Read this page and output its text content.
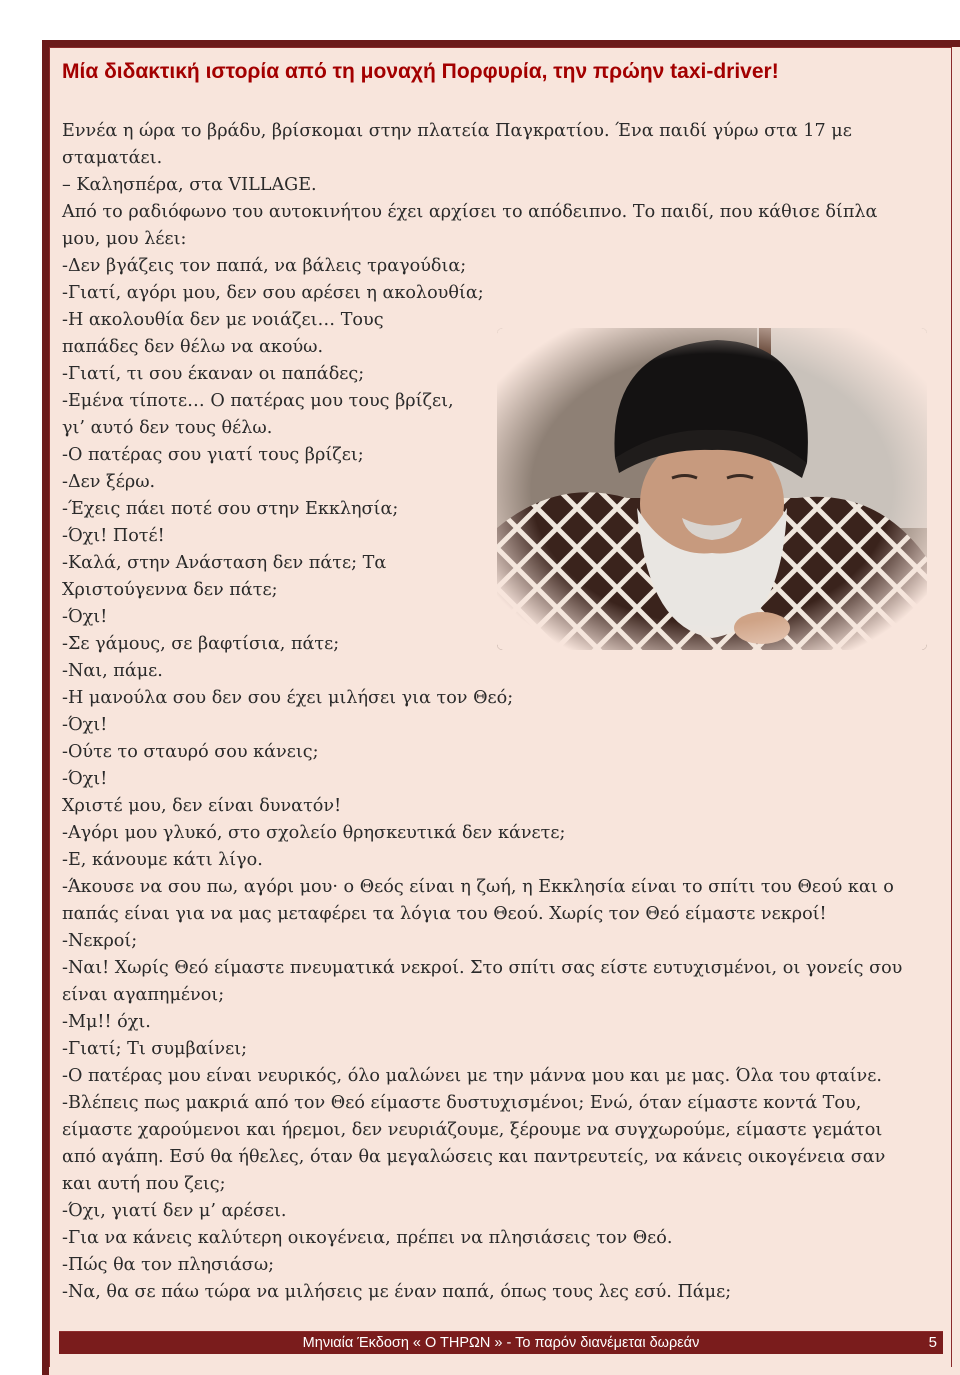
Μία διδακτική ιστορία από τη μοναχή Πορφυρία, την πρώην taxi-driver!

Εννέα η ώρα το βράδυ, βρίσκομαι στην πλατεία Παγκρατίου. Ένα παιδί γύρω στα 17 με

σταματάει.

– Καλησπέρα, στα VILLAGE.

Από το ραδιόφωνο του αυτοκινήτου έχει αρχίσει το απόδειπνο. Το παιδί, που κάθισε δίπλα

μου, μου λέει:

-Δεν βγάζεις τον παπά, να βάλεις τραγούδια;

-Γιατί, αγόρι μου, δεν σου αρέσει η ακολουθία;

-Η ακολουθία δεν με νοιάζει… Τους

παπάδες δεν θέλω να ακούω.

-Γιατί, τι σου έκαναν οι παπάδες;

-Εμένα τίποτε… Ο πατέρας μου τους βρίζει,

γι’ αυτό δεν τους θέλω.

-Ο πατέρας σου γιατί τους βρίζει;

-Δεν ξέρω.

-Έχεις πάει ποτέ σου στην Εκκλησία;

-Όχι! Ποτέ!

-Καλά, στην Ανάσταση δεν πάτε; Τα

Χριστούγεννα δεν πάτε;

-Όχι!

-Σε γάμους, σε βαφτίσια, πάτε;

-Ναι, πάμε.

-Η μανούλα σου δεν σου έχει μιλήσει για τον Θεό;

-Όχι!

-Ούτε το σταυρό σου κάνεις;

-Όχι!

Χριστέ μου, δεν είναι δυνατόν!

-Αγόρι μου γλυκό, στο σχολείο θρησκευτικά δεν κάνετε;

-Ε, κάνουμε κάτι λίγο.

-Άκουσε να σου πω, αγόρι μου· ο Θεός είναι η ζωή, η Εκκλησία είναι το σπίτι του Θεού και ο

παπάς είναι για να μας μεταφέρει τα λόγια του Θεού. Χωρίς τον Θεό είμαστε νεκροί!

-Νεκροί;

-Ναι! Χωρίς Θεό είμαστε πνευματικά νεκροί. Στο σπίτι σας είστε ευτυχισμένοι, οι γονείς σου

είναι αγαπημένοι;

-Μμ!! όχι.

-Γιατί; Τι συμβαίνει;

-Ο πατέρας μου είναι νευρικός, όλο μαλώνει με την μάννα μου και με μας. Όλα του φταίνε.

-Βλέπεις πως μακριά από τον Θεό είμαστε δυστυχισμένοι; Ενώ, όταν είμαστε κοντά Του,

είμαστε χαρούμενοι και ήρεμοι, δεν νευριάζουμε, ξέρουμε να συγχωρούμε, είμαστε γεμάτοι

από αγάπη. Εσύ θα ήθελες, όταν θα μεγαλώσεις και παντρευτείς, να κάνεις οικογένεια σαν

και αυτή που ζεις;

-Όχι, γιατί δεν μ’ αρέσει.

-Για να κάνεις καλύτερη οικογένεια, πρέπει να πλησιάσεις τον Θεό.

-Πώς θα τον πλησιάσω;

-Να, θα σε πάω τώρα να μιλήσεις με έναν παπά, όπως τους λες εσύ. Πάμε;

Μηνιαία Έκδοση « Ο ΤΗΡΩΝ » - Το παρόν διανέμεται δωρεάν	5
